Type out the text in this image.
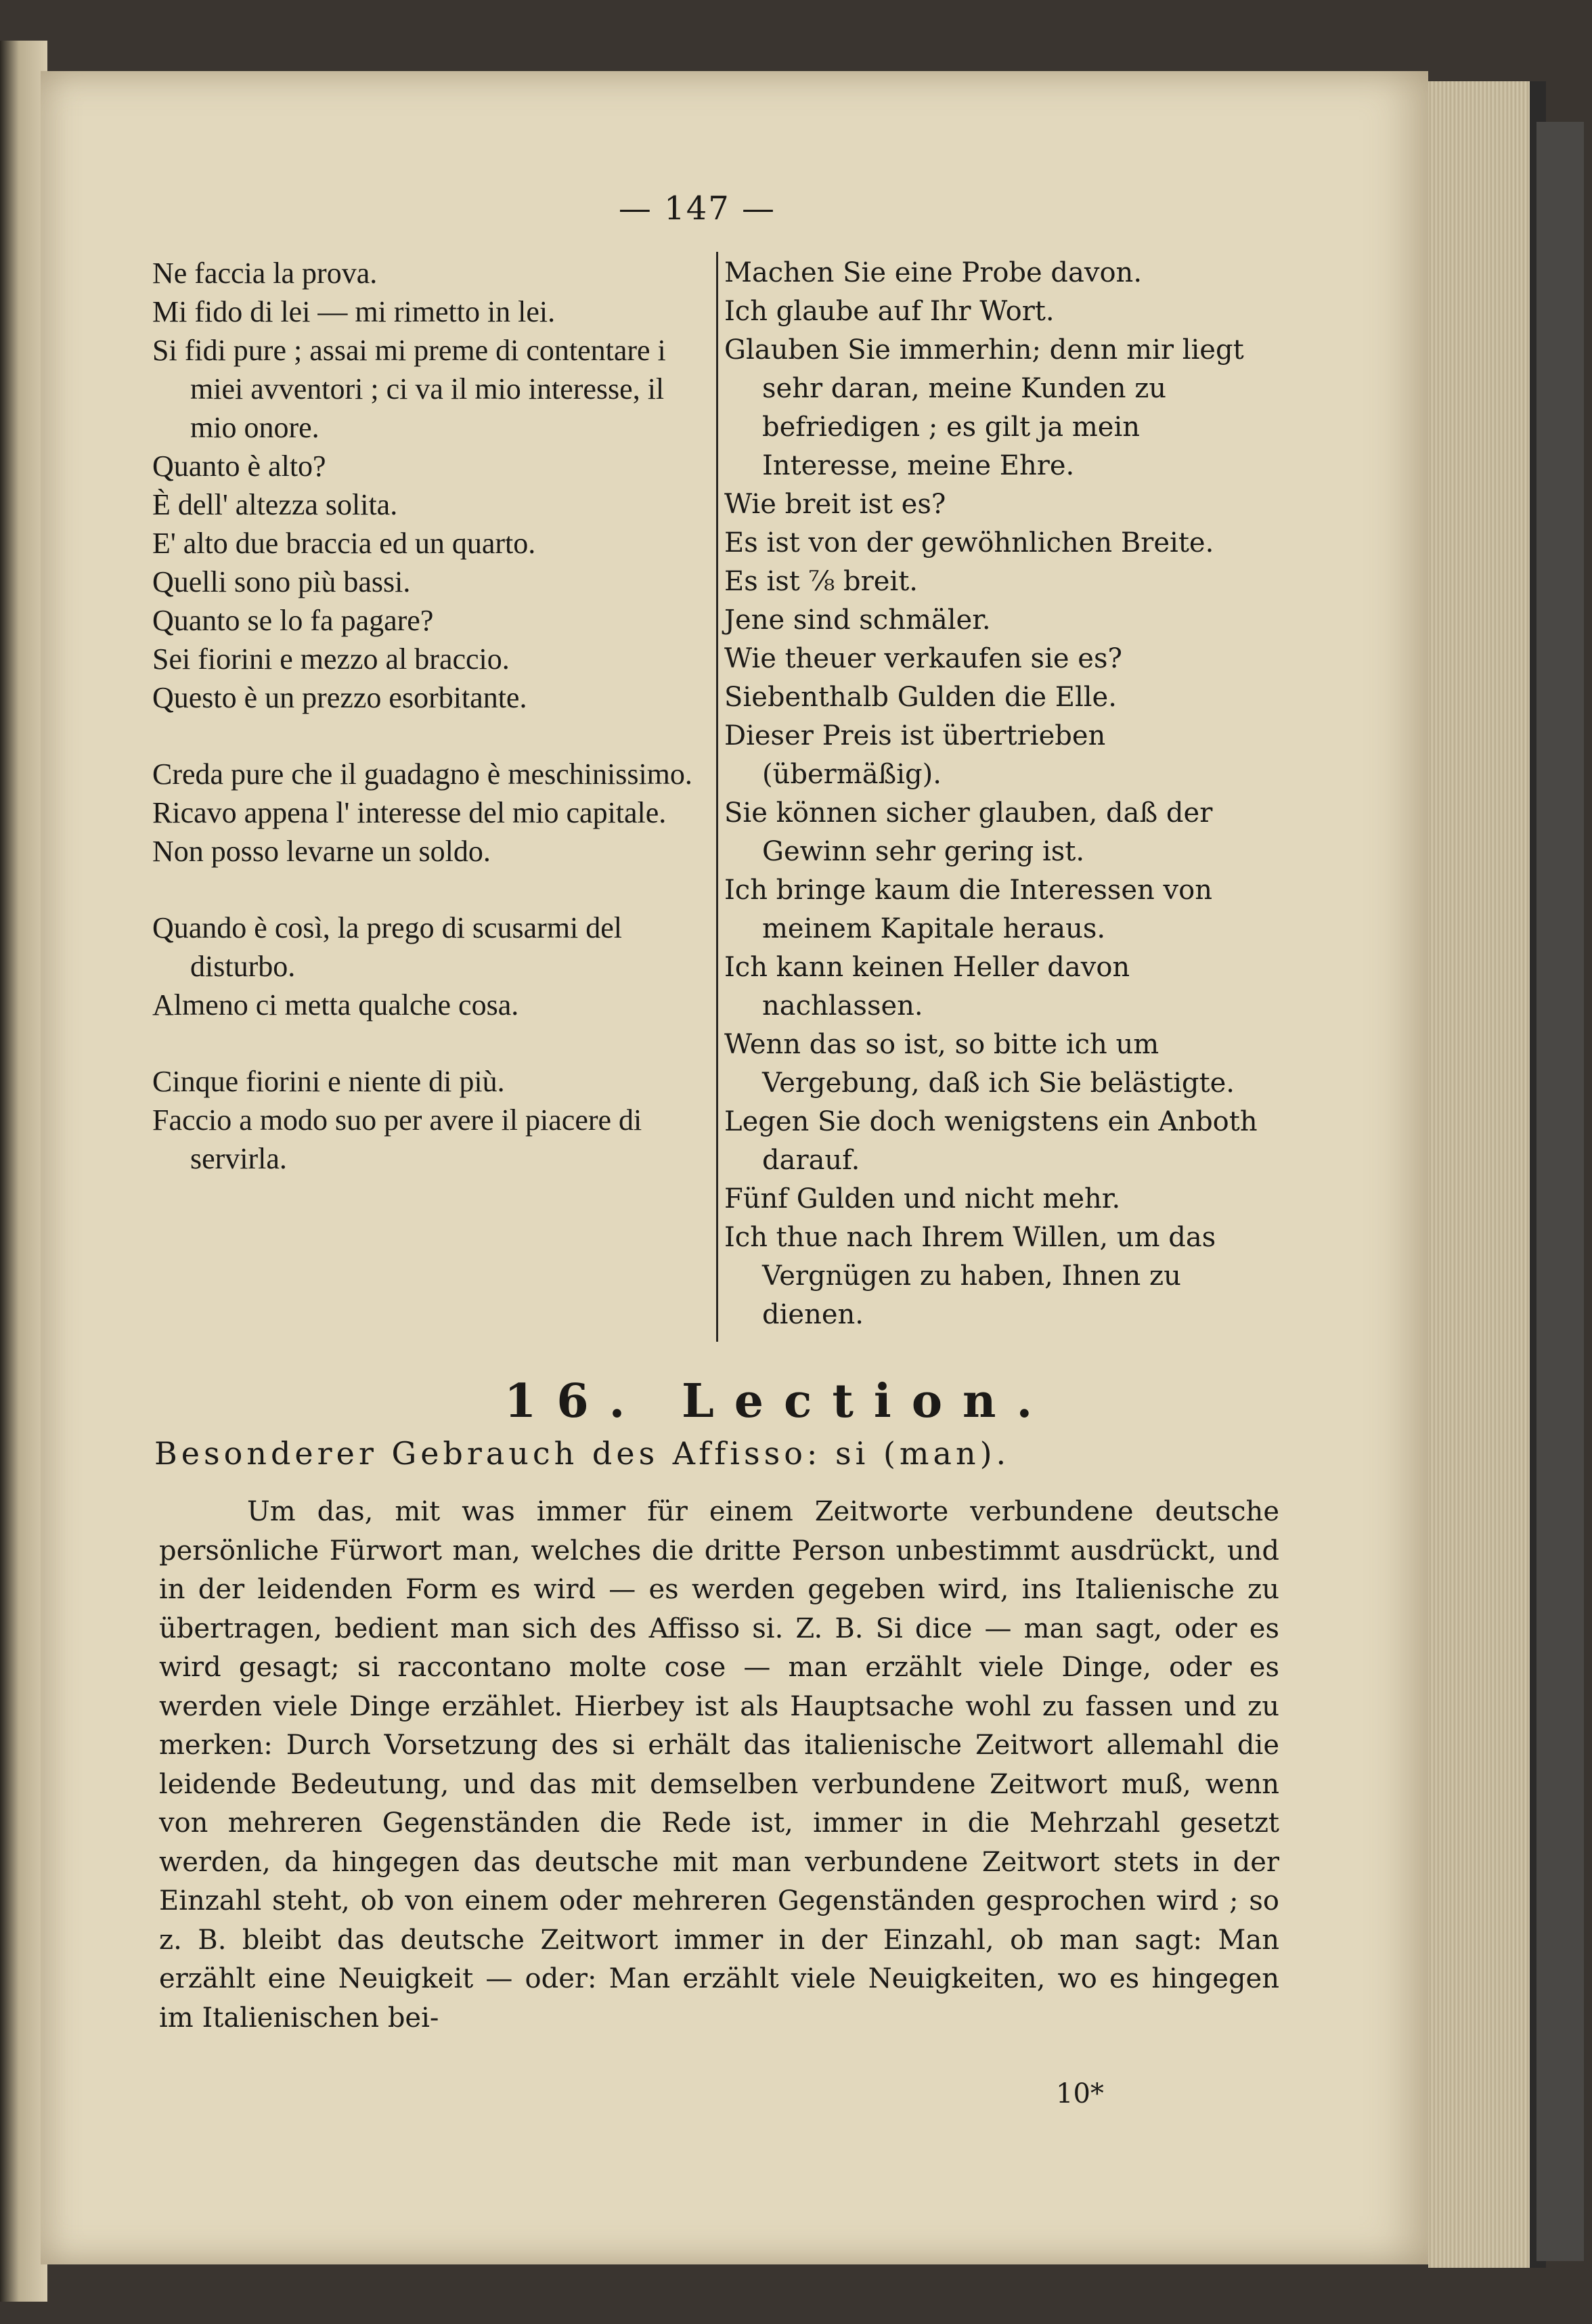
— 147 —
Ne faccia la prova.
Mi fido di lei — mi rimetto in lei.
Si fidi pure ; assai mi preme di contentare i miei avventori ; ci va il mio interesse, il mio onore.
Quanto è alto?
È dell' altezza solita.
E' alto due braccia ed un quarto.
Quelli sono più bassi.
Quanto se lo fa pagare?
Sei fiorini e mezzo al braccio.
Questo è un prezzo esorbitante.
Creda pure che il guadagno è meschinissimo.
Ricavo appena l' interesse del mio capitale.
Non posso levarne un soldo.
Quando è così, la prego di scusarmi del disturbo.
Almeno ci metta qualche cosa.
Cinque fiorini e niente di più.
Faccio a modo suo per avere il piacere di servirla.
Machen Sie eine Probe davon.
Ich glaube auf Ihr Wort.
Glauben Sie immerhin; denn mir liegt sehr daran, meine Kunden zu befriedigen ; es gilt ja mein Interesse, meine Ehre.
Wie breit ist es?
Es ist von der gewöhnlichen Breite.
Es ist ⅞ breit.
Jene sind schmäler.
Wie theuer verkaufen sie es?
Siebenthalb Gulden die Elle.
Dieser Preis ist übertrieben (übermäßig).
Sie können sicher glauben, daß der Gewinn sehr gering ist.
Ich bringe kaum die Interessen von meinem Kapitale heraus.
Ich kann keinen Heller davon nachlassen.
Wenn das so ist, so bitte ich um Vergebung, daß ich Sie belästigte.
Legen Sie doch wenigstens ein Anboth darauf.
Fünf Gulden und nicht mehr.
Ich thue nach Ihrem Willen, um das Vergnügen zu haben, Ihnen zu dienen.
16. Lection.
Besonderer Gebrauch des Affisso: si (man).
Um das, mit was immer für einem Zeitworte verbundene deutsche persönliche Fürwort man, welches die dritte Person unbestimmt ausdrückt, und in der leidenden Form es wird — es werden gegeben wird, ins Italienische zu übertragen, bedient man sich des Affisso si. Z. B. Si dice — man sagt, oder es wird gesagt; si raccontano molte cose — man erzählt viele Dinge, oder es werden viele Dinge erzählet. Hierbey ist als Hauptsache wohl zu fassen und zu merken: Durch Vorsetzung des si erhält das italienische Zeitwort allemahl die leidende Bedeutung, und das mit demselben verbundene Zeitwort muß, wenn von mehreren Gegenständen die Rede ist, immer in die Mehrzahl gesetzt werden, da hingegen das deutsche mit man verbundene Zeitwort stets in der Einzahl steht, ob von einem oder mehreren Gegenständen gesprochen wird ; so z. B. bleibt das deutsche Zeitwort immer in der Einzahl, ob man sagt: Man erzählt eine Neuigkeit — oder: Man erzählt viele Neuigkeiten, wo es hingegen im Italienischen bei-
10*
